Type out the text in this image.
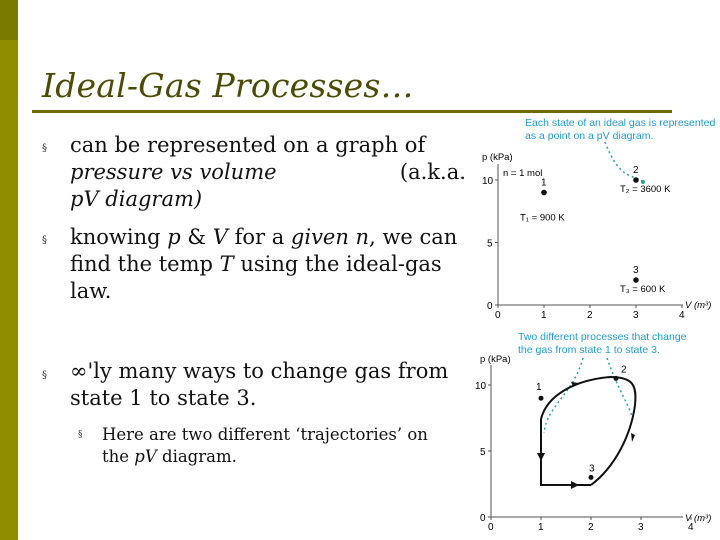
Ideal-Gas Processes…
§ can be represented on a graph of
pressure vs volume	(a.k.a.
pV diagram)
§ knowing p & V for a given n, we can
find the temp T using the ideal-gas
law.
§ ∞'ly many ways to change gas from
state 1 to state 3.
§ Here are two different ‘trajectories’ on
the pV diagram.
Each state of an ideal gas is represented
as a point on a pV diagram.
p (kPa)
V (m³)
0	1	2	3	4
0
5
10
n = 1 mol
1
T₁ = 900 K
2
T₂ = 3600 K
3
T₃ = 600 K
Two different processes that change
the gas from state 1 to state 3.
p (kPa)
V (m³)
0	1	2	3	4
0
5
10	1
2
3
